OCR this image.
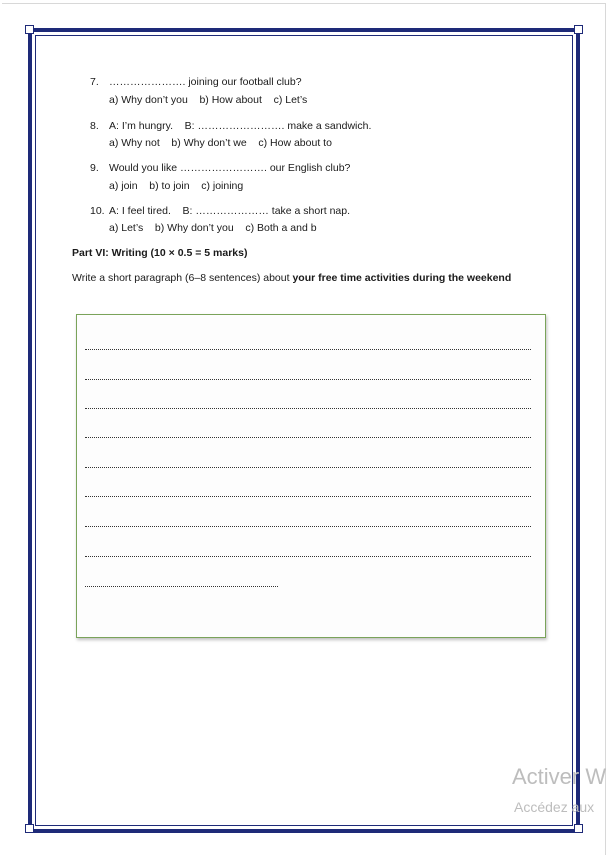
7. …………………. joining our football club?
a) Why don’t you    b) How about    c) Let’s
8. A: I’m hungry.    B: ……………………. make a sandwich.
a) Why not    b) Why don’t we    c) How about to
9. Would you like ……………………. our English club?
a) join    b) to join    c) joining
10. A: I feel tired.    B: ………………… take a short nap.
a) Let’s    b) Why don’t you    c) Both a and b
Part VI: Writing (10 × 0.5 = 5 marks)
Write a short paragraph (6–8 sentences) about your free time activities during the weekend
Activer W
Accédez aux
